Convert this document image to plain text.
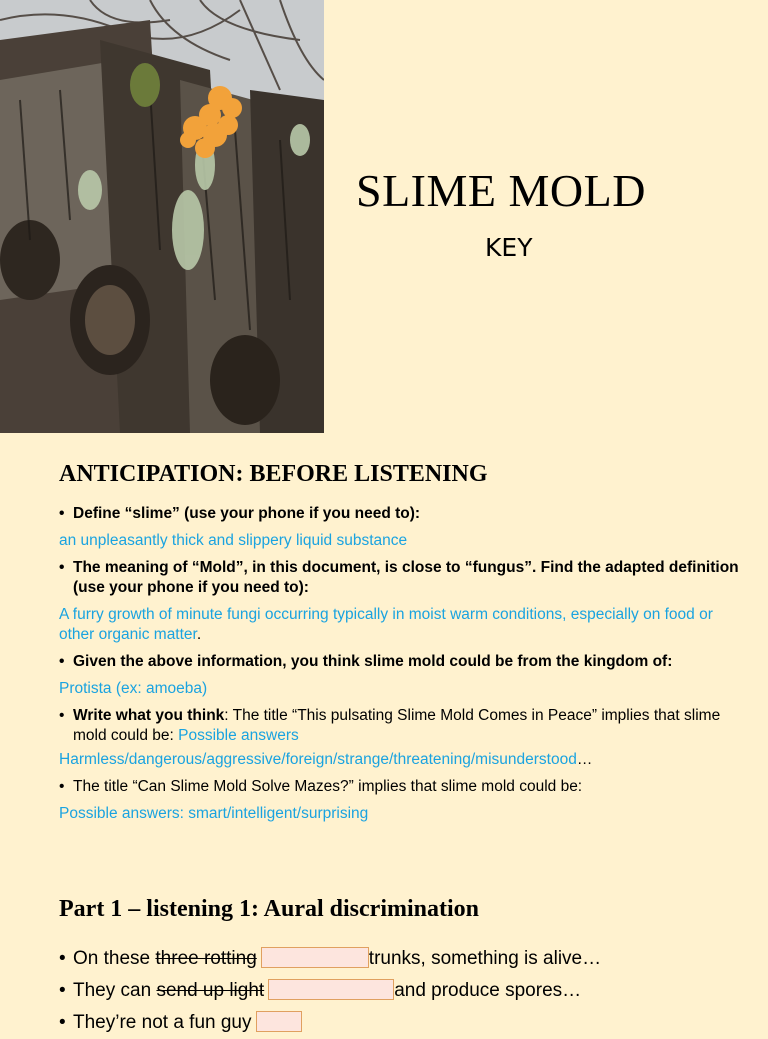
SLIME MOLD
KEY
ANTICIPATION: BEFORE LISTENING
• Define “slime” (use your phone if you need to):
an unpleasantly thick and slippery liquid substance
• The meaning of “Mold”, in this document, is close to “fungus”. Find the adapted definition (use your phone if you need to):
A furry growth of minute fungi occurring typically in moist warm conditions, especially on food or other organic matter.
• Given the above information, you think slime mold could be from the kingdom of:
Protista (ex: amoeba)
• Write what you think: The title “This pulsating Slime Mold Comes in Peace” implies that slime mold could be: Possible answers
Harmless/dangerous/aggressive/foreign/strange/threatening/misunderstood…
• The title “Can Slime Mold Solve Mazes?” implies that slime mold could be:
Possible answers: smart/intelligent/surprising
Part 1 – listening 1: Aural discrimination
• On these three rotting	trunks, something is alive…
• They can send up light	and produce spores…
• They’re not a fun guy
